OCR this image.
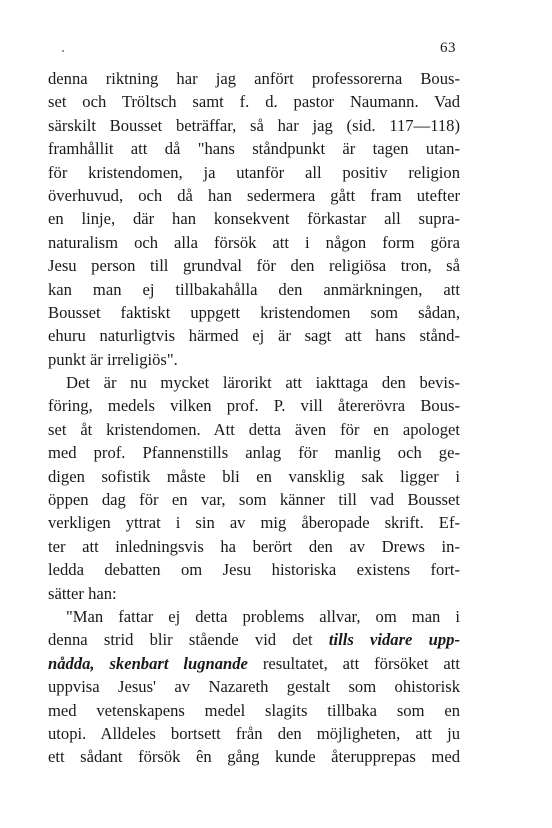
63
denna riktning har jag anfört professorerna Bous-
set och Tröltsch samt f. d. pastor Naumann. Vad
särskilt Bousset beträffar, så har jag (sid. 117—118)
framhållit att då "hans ståndpunkt är tagen utan-
för kristendomen, ja utanför all positiv religion
överhuvud, och då han sedermera gått fram utefter
en linje, där han konsekvent förkastar all supra-
naturalism och alla försök att i någon form göra
Jesu person till grundval för den religiösa tron, så
kan man ej tillbakahålla den anmärkningen, att
Bousset faktiskt uppgett kristendomen som sådan,
ehuru naturligtvis härmed ej är sagt att hans stånd-
punkt är irreligiös".
Det är nu mycket lärorikt att iakttaga den bevis-
föring, medels vilken prof. P. vill återerövra Bous-
set åt kristendomen. Att detta även för en apologet
med prof. Pfannenstills anlag för manlig och ge-
digen sofistik måste bli en vansklig sak ligger i
öppen dag för en var, som känner till vad Bousset
verkligen yttrat i sin av mig åberopade skrift. Ef-
ter att inledningsvis ha berört den av Drews in-
ledda debatten om Jesu historiska existens fort-
sätter han:
"Man fattar ej detta problems allvar, om man i
denna strid blir stående vid det tills vidare upp-
nådda, skenbart lugnande resultatet, att försöket att
uppvisa Jesus' av Nazareth gestalt som ohistorisk
med vetenskapens medel slagits tillbaka som en
utopi. Alldeles bortsett från den möjligheten, att ju
ett sådant försök ên gång kunde återupprepas med
